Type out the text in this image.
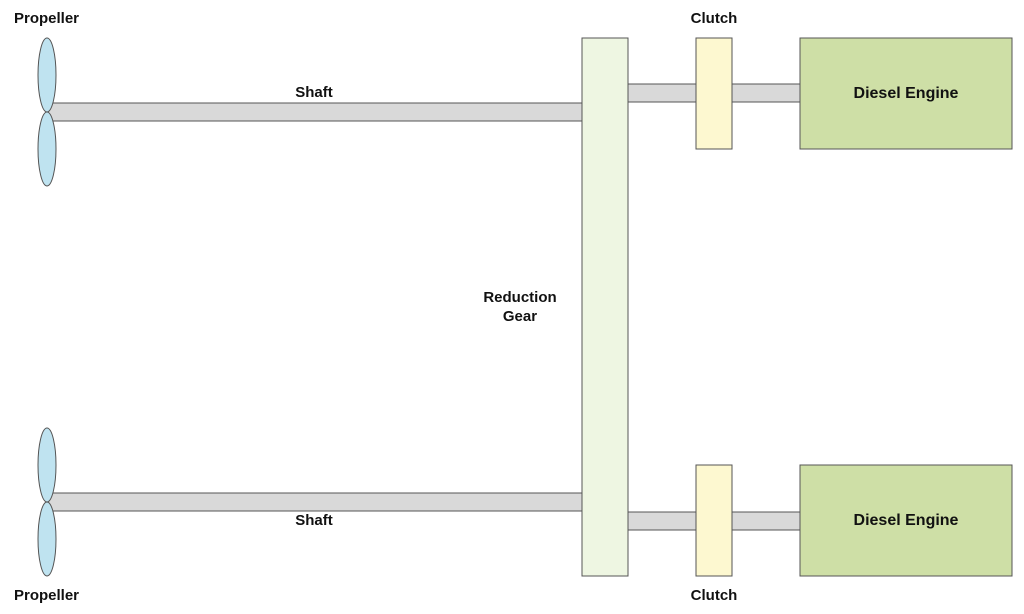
Propeller
Propeller
Shaft
Shaft
Reduction
Gear
Clutch
Clutch
Diesel Engine
Diesel Engine
